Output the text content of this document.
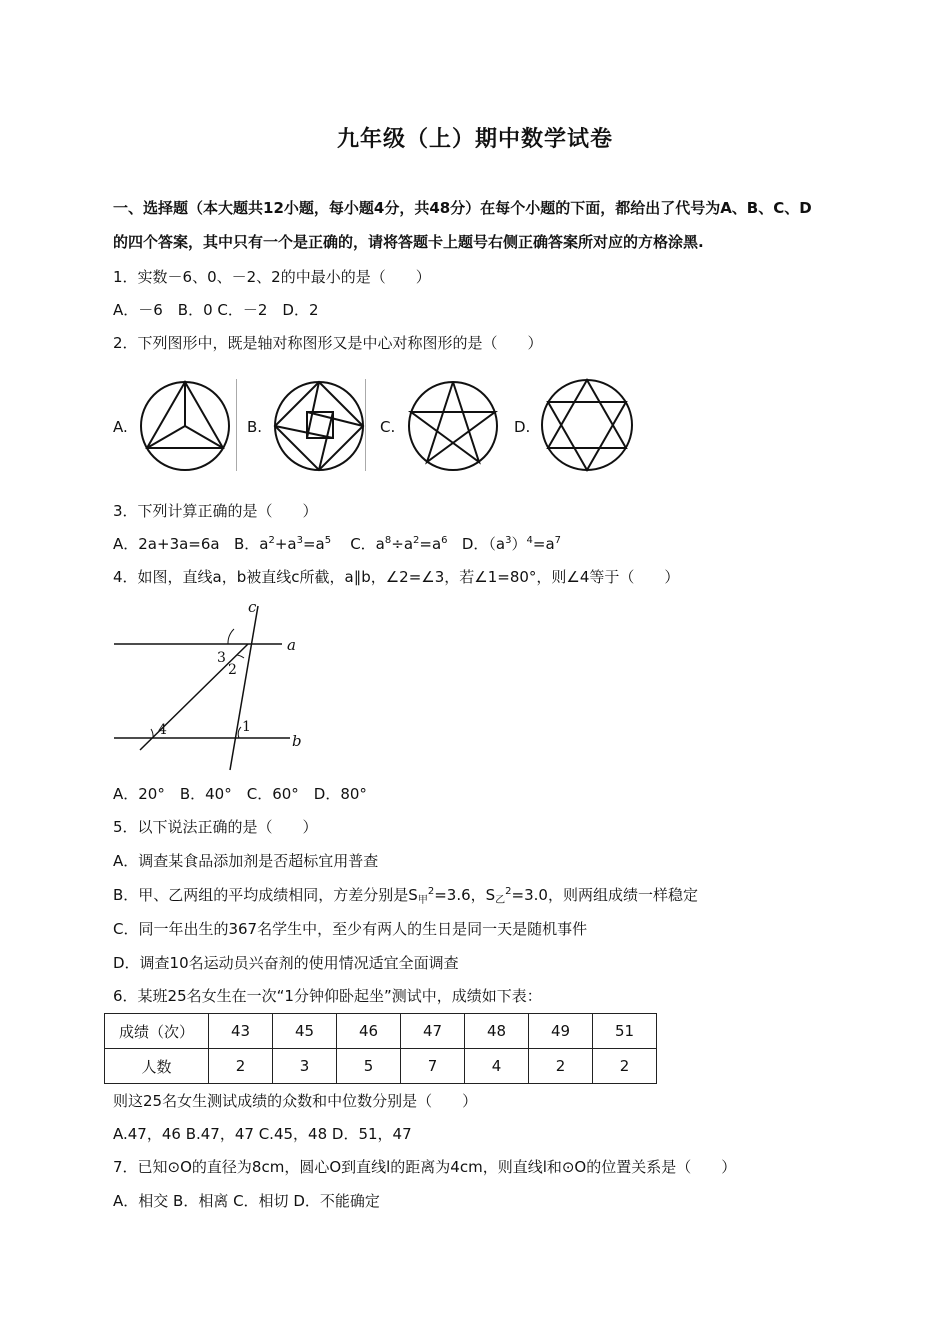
九年级（上）期中数学试卷
一、选择题（本大题共12小题，每小题4分，共48分）在每个小题的下面，都给出了代号为A、B、C、D
的四个答案，其中只有一个是正确的，请将答题卡上题号右侧正确答案所对应的方格涂黑.
1．实数－6、0、－2、2的中最小的是（　　）
A．－6　B．0 C．－2　D．2
2．下列图形中，既是轴对称图形又是中心对称图形的是（　　）
A.	B.	C.	D.
3．下列计算正确的是（　　）
A．2a+3a=6a B．$a^2+a^3=a^5$ C．$a^8\div a^2=a^6$ D．$(a^3)^4=a^7$
4．如图，直线a，b被直线c所截，a∥b，∠2=∠3，若∠1=80°，则∠4等于（　　）
c
a
b
3
2
1
4
A．20°　B．40°　C．60°　D．80°
5．以下说法正确的是（　　）
A．调查某食品添加剂是否超标宜用普查
B．甲、乙两组的平均成绩相同，方差分别是$S_甲^2=3.6$，$S_乙^2=3.0$，则两组成绩一样稳定
C．同一年出生的367名学生中，至少有两人的生日是同一天是随机事件
D．调查10名运动员兴奋剂的使用情况适宜全面调查
6．某班25名女生在一次“1分钟仰卧起坐”测试中，成绩如下表：
成绩（次）	43	45	46	47	48	49	51
人数	2	3	5	7	4	2	2
则这25名女生测试成绩的众数和中位数分别是（　　）
A.47，46 B.47，47 C.45，48 D．51，47
7．已知⊙O的直径为8cm，圆心O到直线l的距离为4cm，则直线l和⊙O的位置关系是（　　）
A．相交 B．相离 C．相切 D．不能确定
